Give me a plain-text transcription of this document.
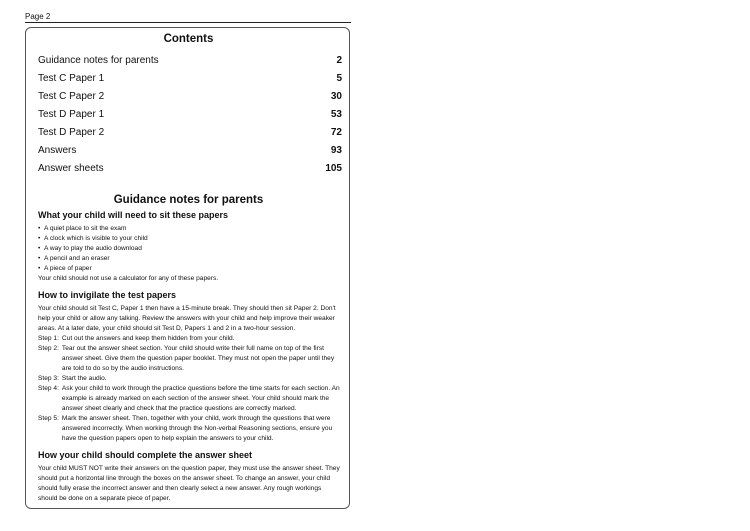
Page 2
Contents
Guidance notes for parents	2
Test C Paper 1	5
Test C Paper 2	30
Test D Paper 1	53
Test D Paper 2	72
Answers	93
Answer sheets	105
Guidance notes for parents
What your child will need to sit these papers
• A quiet place to sit the exam
• A clock which is visible to your child
• A way to play the audio download
• A pencil and an eraser
• A piece of paper
Your child should not use a calculator for any of these papers.
How to invigilate the test papers
Your child should sit Test C, Paper 1 then have a 15-minute break. They should then sit Paper 2. Don't help your child or allow any talking. Review the answers with your child and help improve their weaker areas. At a later date, your child should sit Test D, Papers 1 and 2 in a two-hour session.
Step 1: Cut out the answers and keep them hidden from your child.
Step 2: Tear out the answer sheet section. Your child should write their full name on top of the first answer sheet. Give them the question paper booklet. They must not open the paper until they are told to do so by the audio instructions.
Step 3: Start the audio.
Step 4: Ask your child to work through the practice questions before the time starts for each section. An example is already marked on each section of the answer sheet. Your child should mark the answer sheet clearly and check that the practice questions are correctly marked.
Step 5: Mark the answer sheet. Then, together with your child, work through the questions that were answered incorrectly. When working through the Non-verbal Reasoning sections, ensure you have the question papers open to help explain the answers to your child.
How your child should complete the answer sheet
Your child MUST NOT write their answers on the question paper, they must use the answer sheet. They should put a horizontal line through the boxes on the answer sheet. To change an answer, your child should fully erase the incorrect answer and then clearly select a new answer. Any rough workings should be done on a separate piece of paper.
